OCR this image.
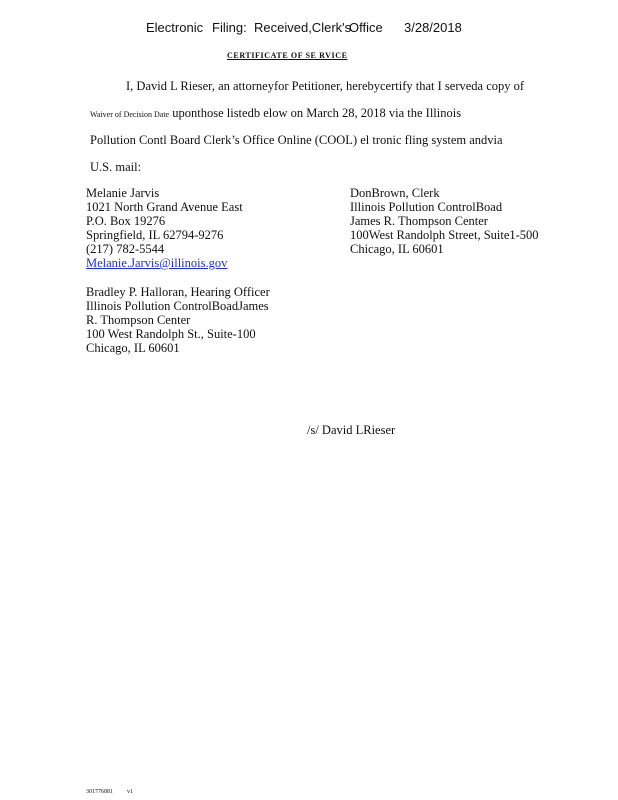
Electronic Filing: Received,Clerk's
Office 3/28/2018
CERTIFICATE OF SE RVICE
I, David L Rieser, an attorneyfor Petitioner, herebycertify that I serveda copy of
Waiver of Decision Date uponthose listedb elow on March 28, 2018 via the Illinois
Pollution Contl Board Clerk’s Office Online (COOL) el tronic fling system andvia
U.S. mail:
Melanie Jarvis
1021 North Grand Avenue East
P.O. Box 19276
Springfield, IL 62794-9276
(217) 782-5544
Melanie.Jarvis@illinois.gov
DonBrown, Clerk
Illinois Pollution ControlBoad
James R. Thompson Center
100West Randolph Street, Suite1-500
Chicago, IL 60601
Bradley P. Halloran, Hearing Officer
Illinois Pollution ControlBoadJames
R. Thompson Center
100 West Randolph St., Suite-100
Chicago, IL 60601
/s/ David LRieser
301776881 v1
